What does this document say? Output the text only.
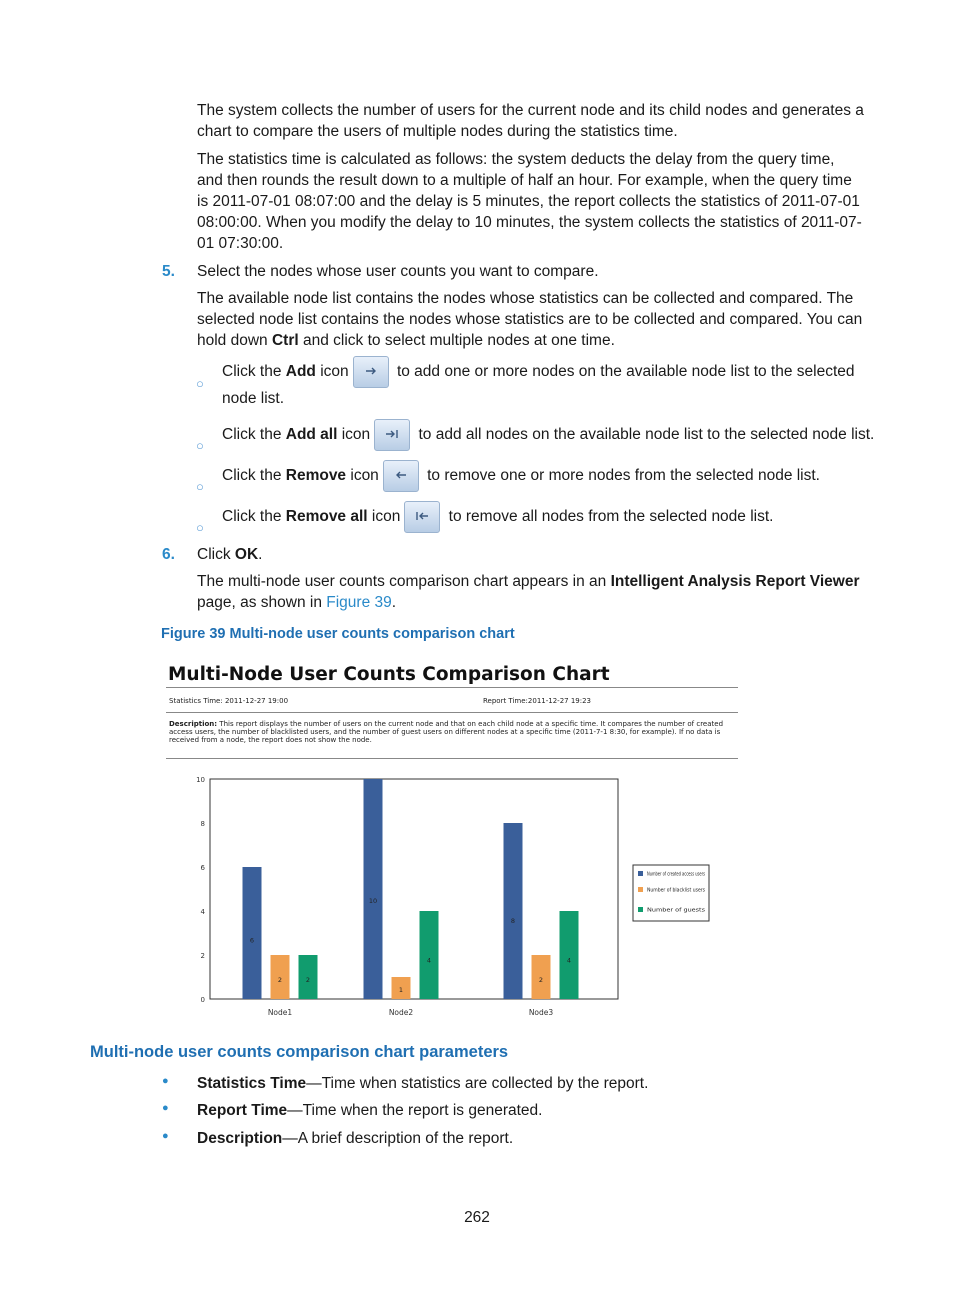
The system collects the number of users for the current node and its child nodes and generates a chart to compare the users of multiple nodes during the statistics time.
The statistics time is calculated as follows: the system deducts the delay from the query time, and then rounds the result down to a multiple of half an hour. For example, when the query time is 2011-07-01 08:07:00 and the delay is 5 minutes, the report collects the statistics of 2011-07-01 08:00:00. When you modify the delay to 10 minutes, the system collects the statistics of 2011-07-01 07:30:00.
5. Select the nodes whose user counts you want to compare.
The available node list contains the nodes whose statistics can be collected and compared. The selected node list contains the nodes whose statistics are to be collected and compared. You can hold down Ctrl and click to select multiple nodes at one time.
○
Click the Add icon	to add one or more nodes on the available node list to the selected node list.
○
Click the Add all icon	to add all nodes on the available node list to the selected node list.
○
Click the Remove icon	to remove one or more nodes from the selected node list.
○
Click the Remove all icon	to remove all nodes from the selected node list.
6. Click OK.
The multi-node user counts comparison chart appears in an Intelligent Analysis Report Viewer page, as shown in Figure 39.
Figure 39 Multi-node user counts comparison chart
Multi-Node User Counts Comparison Chart
Statistics Time: 2011-12-27 19:00	Report Time:2011-12-27 19:23
Description: This report displays the number of users on the current node and that on each child node at a specific time. It compares the number of created access users, the number of blacklisted users, and the number of guest users on different nodes at a specific time (2011-7-1 8:30, for example). If no data is received from a node, the report does not show the node.
0
2
4
6
8
10
6
2	2
Node1
10
1
4
Node2
8
2
4
Node3
Number of created access users
Number of blacklist users
Number of guests
Multi-node user counts comparison chart parameters
● Statistics Time—Time when statistics are collected by the report.
● Report Time—Time when the report is generated.
● Description—A brief description of the report.
262
